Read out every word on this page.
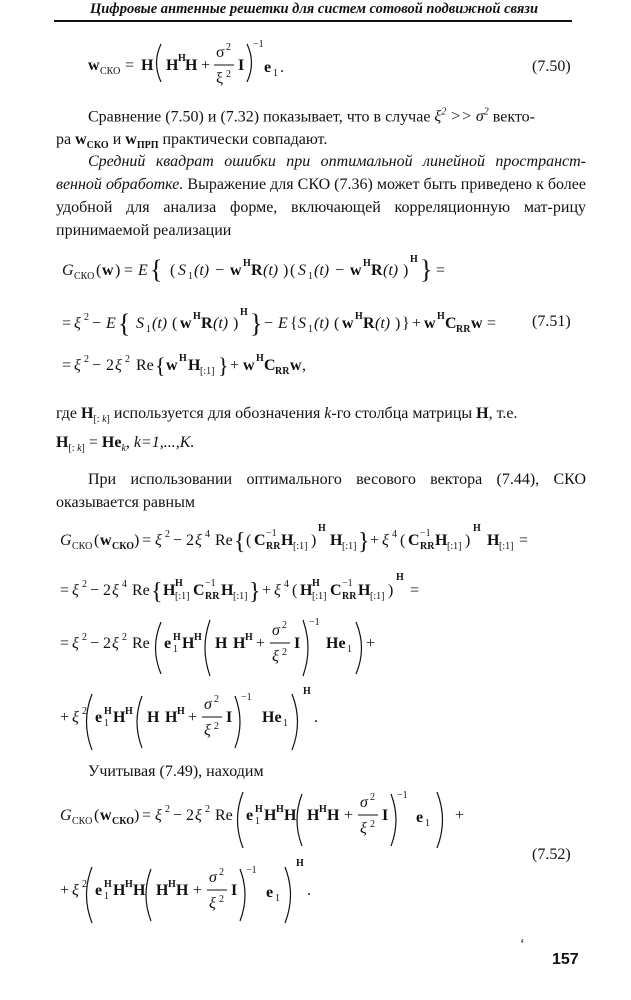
Цифровые антенные решетки для систем сотовой подвижной связи
w СКО = H H H H +
σ 2
ξ 2
I
−1
e 1 .	(7.50)
Сравнение (7.50) и (7.32) показывает, что в случае $\xi^2 >> \sigma^2$ векто-
ра $w_{СКО}$ и $w_{ПРП}$ практически совпадают.
Средний квадрат ошибки при оптимальной линейной пространст-венной обработке. Выражение для СКО (7.36) может быть приведено к более удобной для анализа форме, включающей корреляционную мат-рицу принимаемой реализации
G СКО ( w ) = E { ( S 1 (t) − w H R (t) ) ( S 1 (t) − w H R (t) )
H } =
= ξ 2 − E { S 1 (t) ( w H R (t) )
H } − E { S 1 (t) ( w H R (t) ) } + w H C RR w =
= ξ 2 − 2 ξ 2 Re { w H H [:1] } + w H C RR w ,
(7.51)
где $H_{[: k]}$ используется для обозначения k-го столбца матрицы H, т.е.
$H_{[: k]} = He_k$, k=1,...,K.
При использовании оптимального весового вектора (7.44), СКО оказывается равным
G СКО ( w СКО ) = ξ 2 − 2 ξ 4 Re { ( C −1
RR H [:1] )
H
H [:1] } + ξ 4 ( C −1
RR H [:1] )
H
H [:1] =
= ξ 2 − 2 ξ 4 Re { H H
[:1] C −1
RR H [:1] } + ξ 4 ( H H
[:1] C −1
RR H [:1] )
H
=
= ξ 2 − 2 ξ 2 Re e H
1 H H H H H +
σ 2
ξ 2
I
−1
He 1 +
+ ξ 2 e H
1 H H H H H +
σ 2
ξ 2
I
−1
He 1
H
.
Учитывая (7.49), находим
G СКО ( w СКО ) = ξ 2 − 2 ξ 2 Re e H
1 H H H H H H +
σ 2
ξ 2
I
−1
e 1 +
+ ξ 2 e H
1 H H H H H H +
σ 2
ξ 2
I
−1
e 1
H
.
(7.52)
‘
157
